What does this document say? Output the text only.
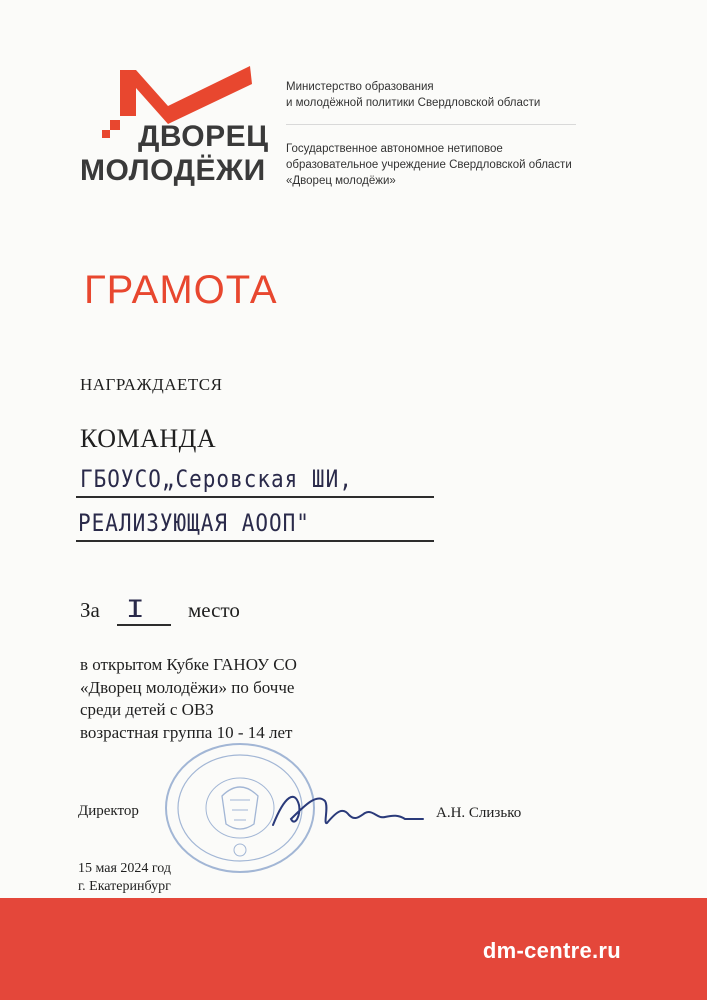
ДВОРЕЦ
МОЛОДЁЖИ
Министерство образования
и молодёжной политики Свердловской области
Государственное автономное нетиповое
образовательное учреждение Свердловской области
«Дворец молодёжи»
ГРАМОТА
НАГРАЖДАЕТСЯ
КОМАНДА
ГБОУСО„Серовская ШИ,
РЕАЛИЗУЮЩАЯ АООП"
За I место
в открытом Кубке ГАНОУ СО
«Дворец молодёжи» по бочче
среди детей с ОВЗ
возрастная группа 10 - 14 лет
Директор	А.Н. Слизько
15 мая 2024 год
г. Екатеринбург
dm-centre.ru
